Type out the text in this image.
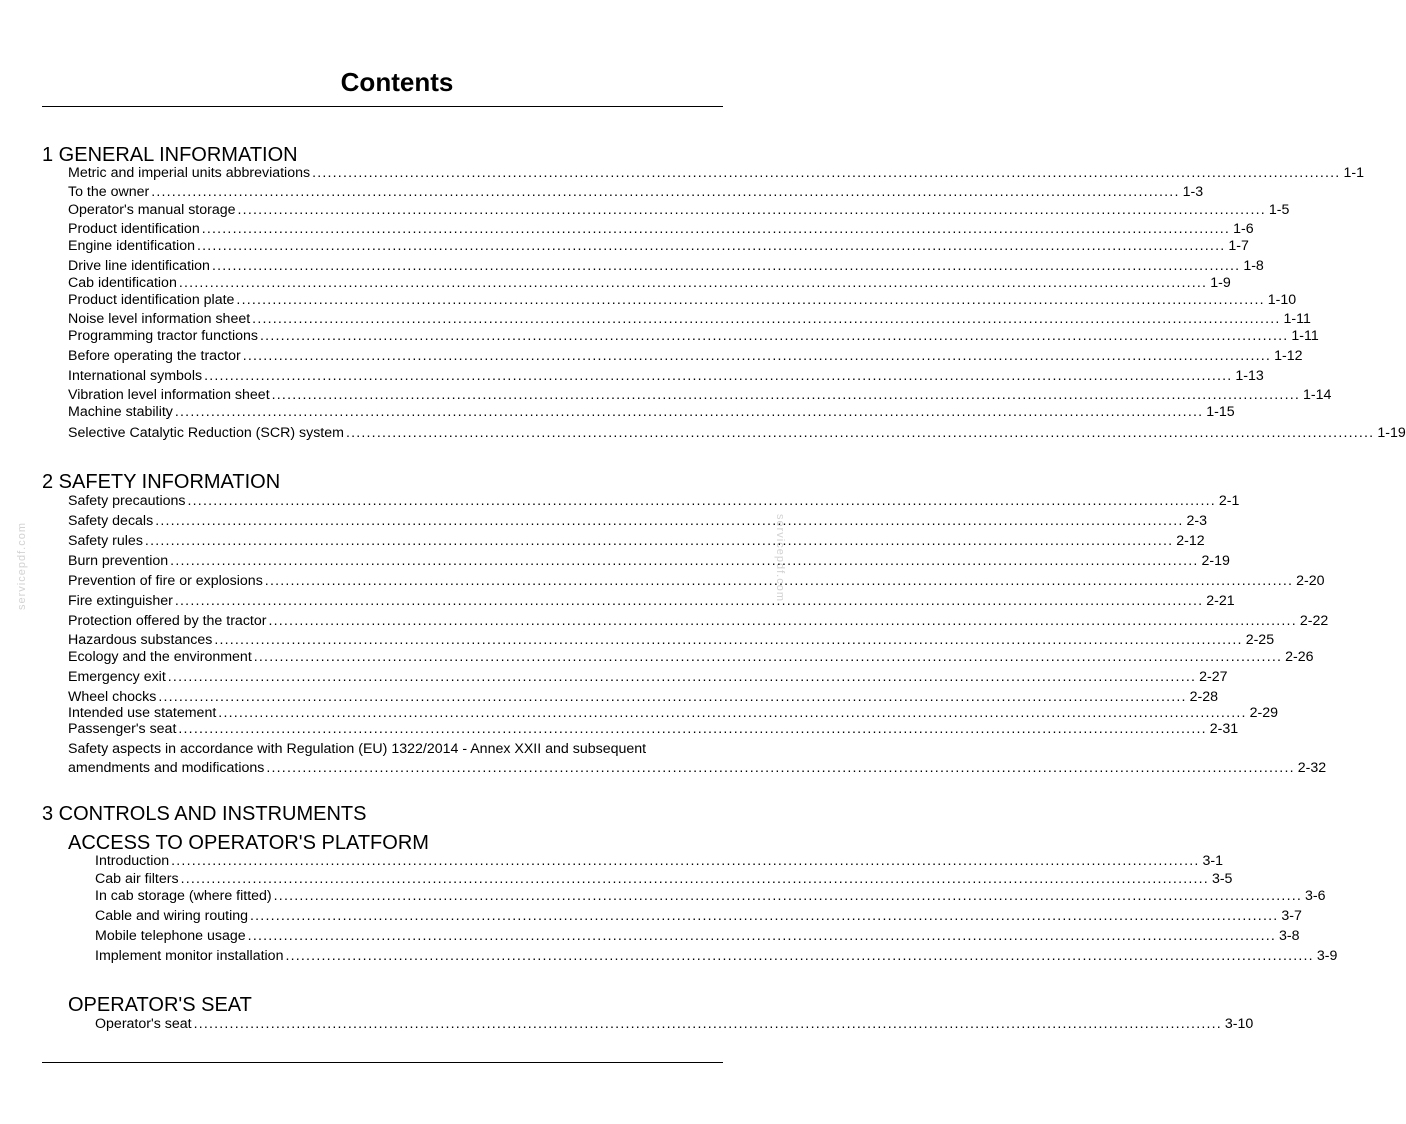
Contents
servicepdf.com	servicepdf.com
1 GENERAL INFORMATION
Metric and imperial units abbreviations ........................................................................................................................................................................................................ 1-1
To the owner ........................................................................................................................................................................................................ 1-3
Operator's manual storage ........................................................................................................................................................................................................ 1-5
Product identification ........................................................................................................................................................................................................ 1-6
Engine identification ........................................................................................................................................................................................................ 1-7
Drive line identification ........................................................................................................................................................................................................ 1-8
Cab identification ........................................................................................................................................................................................................ 1-9
Product identification plate ........................................................................................................................................................................................................ 1-10
Noise level information sheet ........................................................................................................................................................................................................ 1-11
Programming tractor functions ........................................................................................................................................................................................................ 1-11
Before operating the tractor ........................................................................................................................................................................................................ 1-12
International symbols ........................................................................................................................................................................................................ 1-13
Vibration level information sheet ........................................................................................................................................................................................................ 1-14
Machine stability ........................................................................................................................................................................................................ 1-15
Selective Catalytic Reduction (SCR) system ........................................................................................................................................................................................................ 1-19
2 SAFETY INFORMATION
Safety precautions ........................................................................................................................................................................................................ 2-1
Safety decals ........................................................................................................................................................................................................ 2-3
Safety rules ........................................................................................................................................................................................................ 2-12
Burn prevention ........................................................................................................................................................................................................ 2-19
Prevention of fire or explosions ........................................................................................................................................................................................................ 2-20
Fire extinguisher ........................................................................................................................................................................................................ 2-21
Protection offered by the tractor ........................................................................................................................................................................................................ 2-22
Hazardous substances ........................................................................................................................................................................................................ 2-25
Ecology and the environment ........................................................................................................................................................................................................ 2-26
Emergency exit ........................................................................................................................................................................................................ 2-27
Wheel chocks ........................................................................................................................................................................................................ 2-28
Intended use statement ........................................................................................................................................................................................................ 2-29
Passenger's seat ........................................................................................................................................................................................................ 2-31
Safety aspects in accordance with Regulation (EU) 1322/2014 - Annex XXII and subsequent
amendments and modifications ........................................................................................................................................................................................................ 2-32
3 CONTROLS AND INSTRUMENTS
ACCESS TO OPERATOR'S PLATFORM
Introduction ........................................................................................................................................................................................................ 3-1
Cab air filters ........................................................................................................................................................................................................ 3-5
In cab storage (where fitted) ........................................................................................................................................................................................................ 3-6
Cable and wiring routing ........................................................................................................................................................................................................ 3-7
Mobile telephone usage ........................................................................................................................................................................................................ 3-8
Implement monitor installation ........................................................................................................................................................................................................ 3-9
OPERATOR'S SEAT
Operator's seat ........................................................................................................................................................................................................ 3-10
